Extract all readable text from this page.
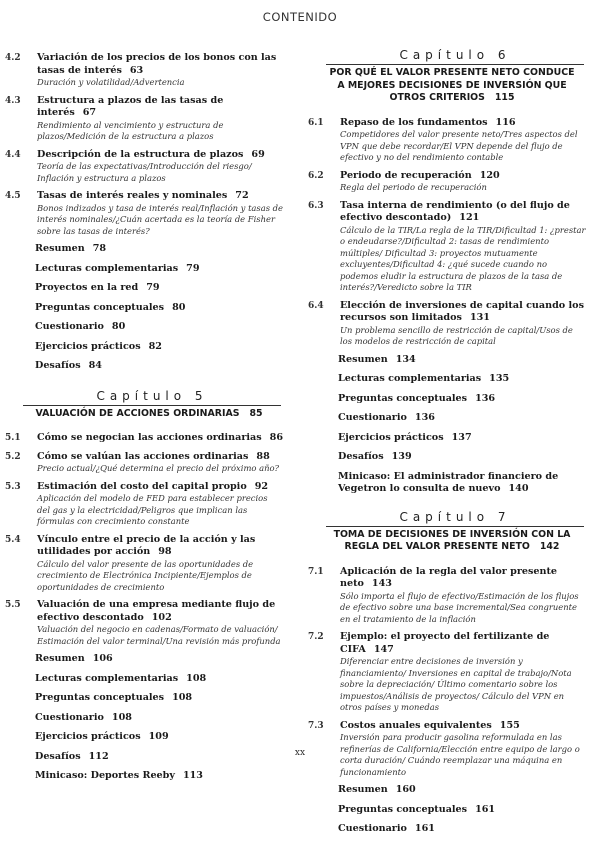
CONTENIDO
4.2	Variación de los precios de los bonos con las tasas de interés 63
Duración y volatilidad/Advertencia
4.3	Estructura a plazos de las tasas de interés 67
Rendimiento al vencimiento y estructura de plazos/Medición de la estructura a plazos
4.4	Descripción de la estructura de plazos 69
Teoría de las expectativas/Introducción del riesgo/ Inflación y estructura a plazos
4.5	Tasas de interés reales y nominales 72
Bonos indizados y tasa de interés real/Inflación y tasas de interés nominales/¿Cuán acertada es la teoría de Fisher sobre las tasas de interés?
Resumen 78
Lecturas complementarias 79
Proyectos en la red 79
Preguntas conceptuales 80
Cuestionario 80
Ejercicios prácticos 82
Desafíos 84
Capítulo 5
VALUACIÓN DE ACCIONES ORDINARIAS 85
5.1	Cómo se negocian las acciones ordinarias 86
5.2	Cómo se valúan las acciones ordinarias 88
Precio actual/¿Qué determina el precio del próximo año?
5.3	Estimación del costo del capital propio 92
Aplicación del modelo de FED para establecer precios del gas y la electricidad/Peligros que implican las fórmulas con crecimiento constante
5.4	Vínculo entre el precio de la acción y las utilidades por acción 98
Cálculo del valor presente de las oportunidades de crecimiento de Electrónica Incipiente/Ejemplos de oportunidades de crecimiento
5.5	Valuación de una empresa mediante flujo de efectivo descontado 102
Valuación del negocio en cadenas/Formato de valuación/ Estimación del valor terminal/Una revisión más profunda
Resumen 106
Lecturas complementarias 108
Preguntas conceptuales 108
Cuestionario 108
Ejercicios prácticos 109
Desafíos 112
Minicaso: Deportes Reeby 113
Capítulo 6
POR QUÉ EL VALOR PRESENTE NETO CONDUCE A MEJORES DECISIONES DE INVERSIÓN QUE OTROS CRITERIOS 115
6.1	Repaso de los fundamentos 116
Competidores del valor presente neto/Tres aspectos del VPN que debe recordar/El VPN depende del flujo de efectivo y no del rendimiento contable
6.2	Periodo de recuperación 120
Regla del periodo de recuperación
6.3	Tasa interna de rendimiento (o del flujo de efectivo descontado) 121
Cálculo de la TIR/La regla de la TIR/Dificultad 1: ¿prestar o endeudarse?/Dificultad 2: tasas de rendimiento múltiples/ Dificultad 3: proyectos mutuamente excluyentes/Dificultad 4: ¿qué sucede cuando no podemos eludir la estructura de plazos de la tasa de interés?/Veredicto sobre la TIR
6.4	Elección de inversiones de capital cuando los recursos son limitados 131
Un problema sencillo de restricción de capital/Usos de los modelos de restricción de capital
Resumen 134
Lecturas complementarias 135
Preguntas conceptuales 136
Cuestionario 136
Ejercicios prácticos 137
Desafíos 139
Minicaso: El administrador financiero de Vegetron lo consulta de nuevo 140
Capítulo 7
TOMA DE DECISIONES DE INVERSIÓN CON LA REGLA DEL VALOR PRESENTE NETO 142
7.1	Aplicación de la regla del valor presente neto 143
Sólo importa el flujo de efectivo/Estimación de los flujos de efectivo sobre una base incremental/Sea congruente en el tratamiento de la inflación
7.2	Ejemplo: el proyecto del fertilizante de CIFA 147
Diferenciar entre decisiones de inversión y financiamiento/ Inversiones en capital de trabajo/Nota sobre la depreciación/ Último comentario sobre los impuestos/Análisis de proyectos/ Cálculo del VPN en otros países y monedas
7.3	Costos anuales equivalentes 155
Inversión para producir gasolina reformulada en las refinerías de California/Elección entre equipo de largo o corta duración/ Cuándo reemplazar una máquina en funcionamiento
Resumen 160
Preguntas conceptuales 161
Cuestionario 161
xx
